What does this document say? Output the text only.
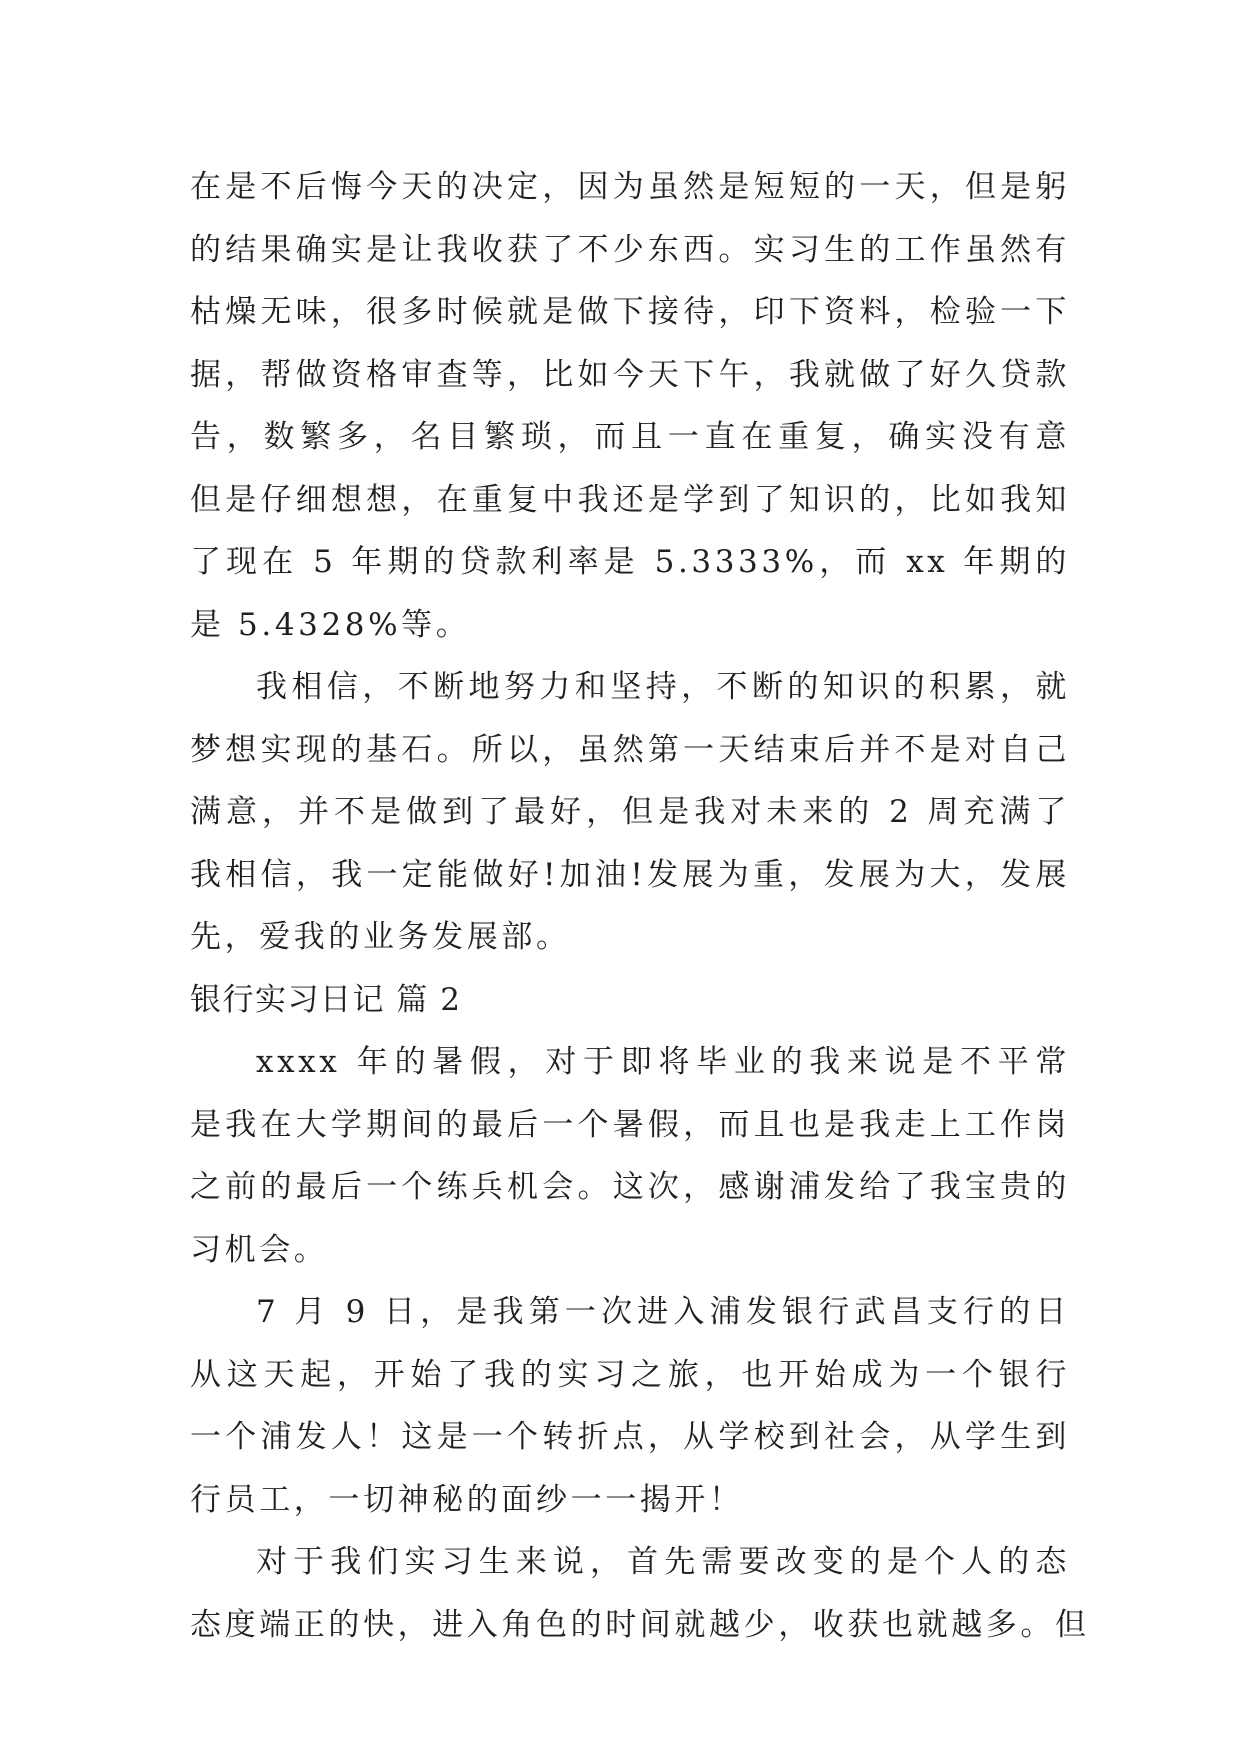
在是不后悔今天的决定，因为虽然是短短的一天，但是躬
的结果确实是让我收获了不少东西。实习生的工作虽然有
枯燥无味，很多时候就是做下接待，印下资料，检验一下
据，帮做资格审查等，比如今天下午，我就做了好久贷款
告，数繁多，名目繁琐，而且一直在重复，确实没有意
但是仔细想想，在重复中我还是学到了知识的，比如我知
了现在 5 年期的贷款利率是 5.3333%，而 xx 年期的
是 5.4328%等。
我相信，不断地努力和坚持，不断的知识的积累，就
梦想实现的基石。所以，虽然第一天结束后并不是对自己
满意，并不是做到了最好，但是我对未来的 2 周充满了
我相信，我一定能做好!加油!发展为重，发展为大，发展
先，爱我的业务发展部。
银行实习日记 篇 2
xxxx 年的暑假，对于即将毕业的我来说是不平常
是我在大学期间的最后一个暑假，而且也是我走上工作岗
之前的最后一个练兵机会。这次，感谢浦发给了我宝贵的
习机会。
7 月 9 日，是我第一次进入浦发银行武昌支行的日
从这天起，开始了我的实习之旅，也开始成为一个银行
一个浦发人！这是一个转折点，从学校到社会，从学生到
行员工，一切神秘的面纱一一揭开！
对于我们实习生来说，首先需要改变的是个人的态
态度端正的快，进入角色的时间就越少，收获也就越多。但
